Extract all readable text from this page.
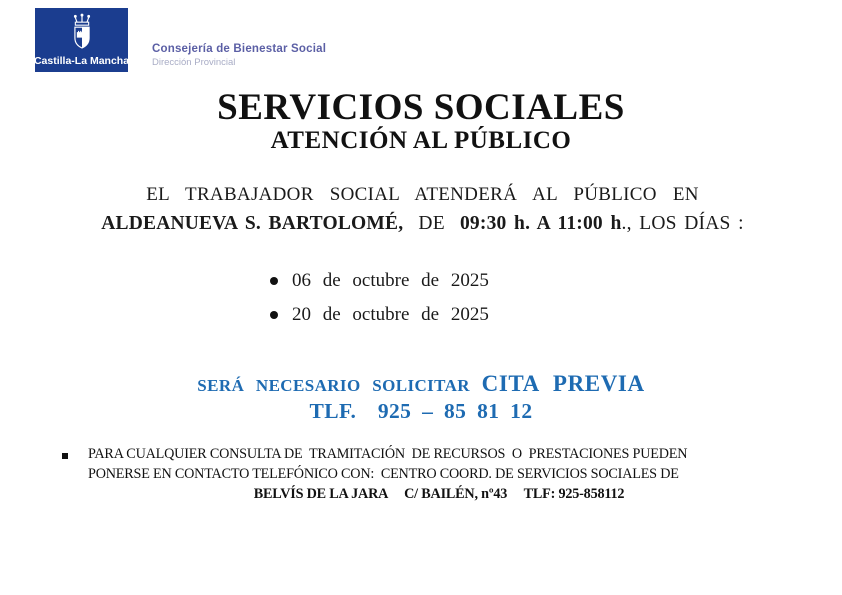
Castilla-La Mancha
Consejería de Bienestar Social
Dirección Provincial
SERVICIOS SOCIALES
ATENCIÓN AL PÚBLICO
EL TRABAJADOR SOCIAL ATENDERÁ AL PÚBLICO EN
ALDEANUEVA S. BARTOLOMÉ,  DE  09:30 h. A 11:00 h., LOS DÍAS :
06 de octubre de 2025
20 de octubre de 2025
SERÁ NECESARIO SOLICITAR CITA PREVIA
TLF.  925 – 85 81 12
PARA CUALQUIER CONSULTA DE  TRAMITACIÓN  DE RECURSOS  O  PRESTACIONES PUEDEN
PONERSE EN CONTACTO TELEFÓNICO CON:  CENTRO COORD. DE SERVICIOS SOCIALES DE
BELVÍS DE LA JARA     C/ BAILÉN, nº43     TLF: 925-858112
